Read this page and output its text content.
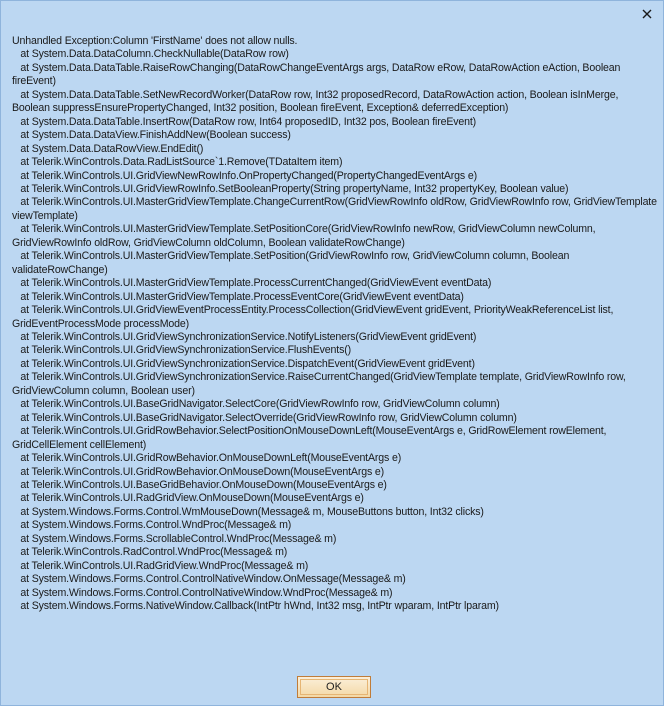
Unhandled Exception:Column 'FirstName' does not allow nulls.
at System.Data.DataColumn.CheckNullable(DataRow row)
at System.Data.DataTable.RaiseRowChanging(DataRowChangeEventArgs args, DataRow eRow, DataRowAction eAction, Boolean fireEvent)
at System.Data.DataTable.SetNewRecordWorker(DataRow row, Int32 proposedRecord, DataRowAction action, Boolean isInMerge, Boolean suppressEnsurePropertyChanged, Int32 position, Boolean fireEvent, Exception& deferredException)
at System.Data.DataTable.InsertRow(DataRow row, Int64 proposedID, Int32 pos, Boolean fireEvent)
at System.Data.DataView.FinishAddNew(Boolean success)
at System.Data.DataRowView.EndEdit()
at Telerik.WinControls.Data.RadListSource`1.Remove(TDataItem item)
at Telerik.WinControls.UI.GridViewNewRowInfo.OnPropertyChanged(PropertyChangedEventArgs e)
at Telerik.WinControls.UI.GridViewRowInfo.SetBooleanProperty(String propertyName, Int32 propertyKey, Boolean value)
at Telerik.WinControls.UI.MasterGridViewTemplate.ChangeCurrentRow(GridViewRowInfo oldRow, GridViewRowInfo row, GridViewTemplate viewTemplate)
at Telerik.WinControls.UI.MasterGridViewTemplate.SetPositionCore(GridViewRowInfo newRow, GridViewColumn newColumn, GridViewRowInfo oldRow, GridViewColumn oldColumn, Boolean validateRowChange)
at Telerik.WinControls.UI.MasterGridViewTemplate.SetPosition(GridViewRowInfo row, GridViewColumn column, Boolean validateRowChange)
at Telerik.WinControls.UI.MasterGridViewTemplate.ProcessCurrentChanged(GridViewEvent eventData)
at Telerik.WinControls.UI.MasterGridViewTemplate.ProcessEventCore(GridViewEvent eventData)
at Telerik.WinControls.UI.GridViewEventProcessEntity.ProcessCollection(GridViewEvent gridEvent, PriorityWeakReferenceList list, GridEventProcessMode processMode)
at Telerik.WinControls.UI.GridViewSynchronizationService.NotifyListeners(GridViewEvent gridEvent)
at Telerik.WinControls.UI.GridViewSynchronizationService.FlushEvents()
at Telerik.WinControls.UI.GridViewSynchronizationService.DispatchEvent(GridViewEvent gridEvent)
at Telerik.WinControls.UI.GridViewSynchronizationService.RaiseCurrentChanged(GridViewTemplate template, GridViewRowInfo row, GridViewColumn column, Boolean user)
at Telerik.WinControls.UI.BaseGridNavigator.SelectCore(GridViewRowInfo row, GridViewColumn column)
at Telerik.WinControls.UI.BaseGridNavigator.SelectOverride(GridViewRowInfo row, GridViewColumn column)
at Telerik.WinControls.UI.GridRowBehavior.SelectPositionOnMouseDownLeft(MouseEventArgs e, GridRowElement rowElement, GridCellElement cellElement)
at Telerik.WinControls.UI.GridRowBehavior.OnMouseDownLeft(MouseEventArgs e)
at Telerik.WinControls.UI.GridRowBehavior.OnMouseDown(MouseEventArgs e)
at Telerik.WinControls.UI.BaseGridBehavior.OnMouseDown(MouseEventArgs e)
at Telerik.WinControls.UI.RadGridView.OnMouseDown(MouseEventArgs e)
at System.Windows.Forms.Control.WmMouseDown(Message& m, MouseButtons button, Int32 clicks)
at System.Windows.Forms.Control.WndProc(Message& m)
at System.Windows.Forms.ScrollableControl.WndProc(Message& m)
at Telerik.WinControls.RadControl.WndProc(Message& m)
at Telerik.WinControls.UI.RadGridView.WndProc(Message& m)
at System.Windows.Forms.Control.ControlNativeWindow.OnMessage(Message& m)
at System.Windows.Forms.Control.ControlNativeWindow.WndProc(Message& m)
at System.Windows.Forms.NativeWindow.Callback(IntPtr hWnd, Int32 msg, IntPtr wparam, IntPtr lparam)
OK
